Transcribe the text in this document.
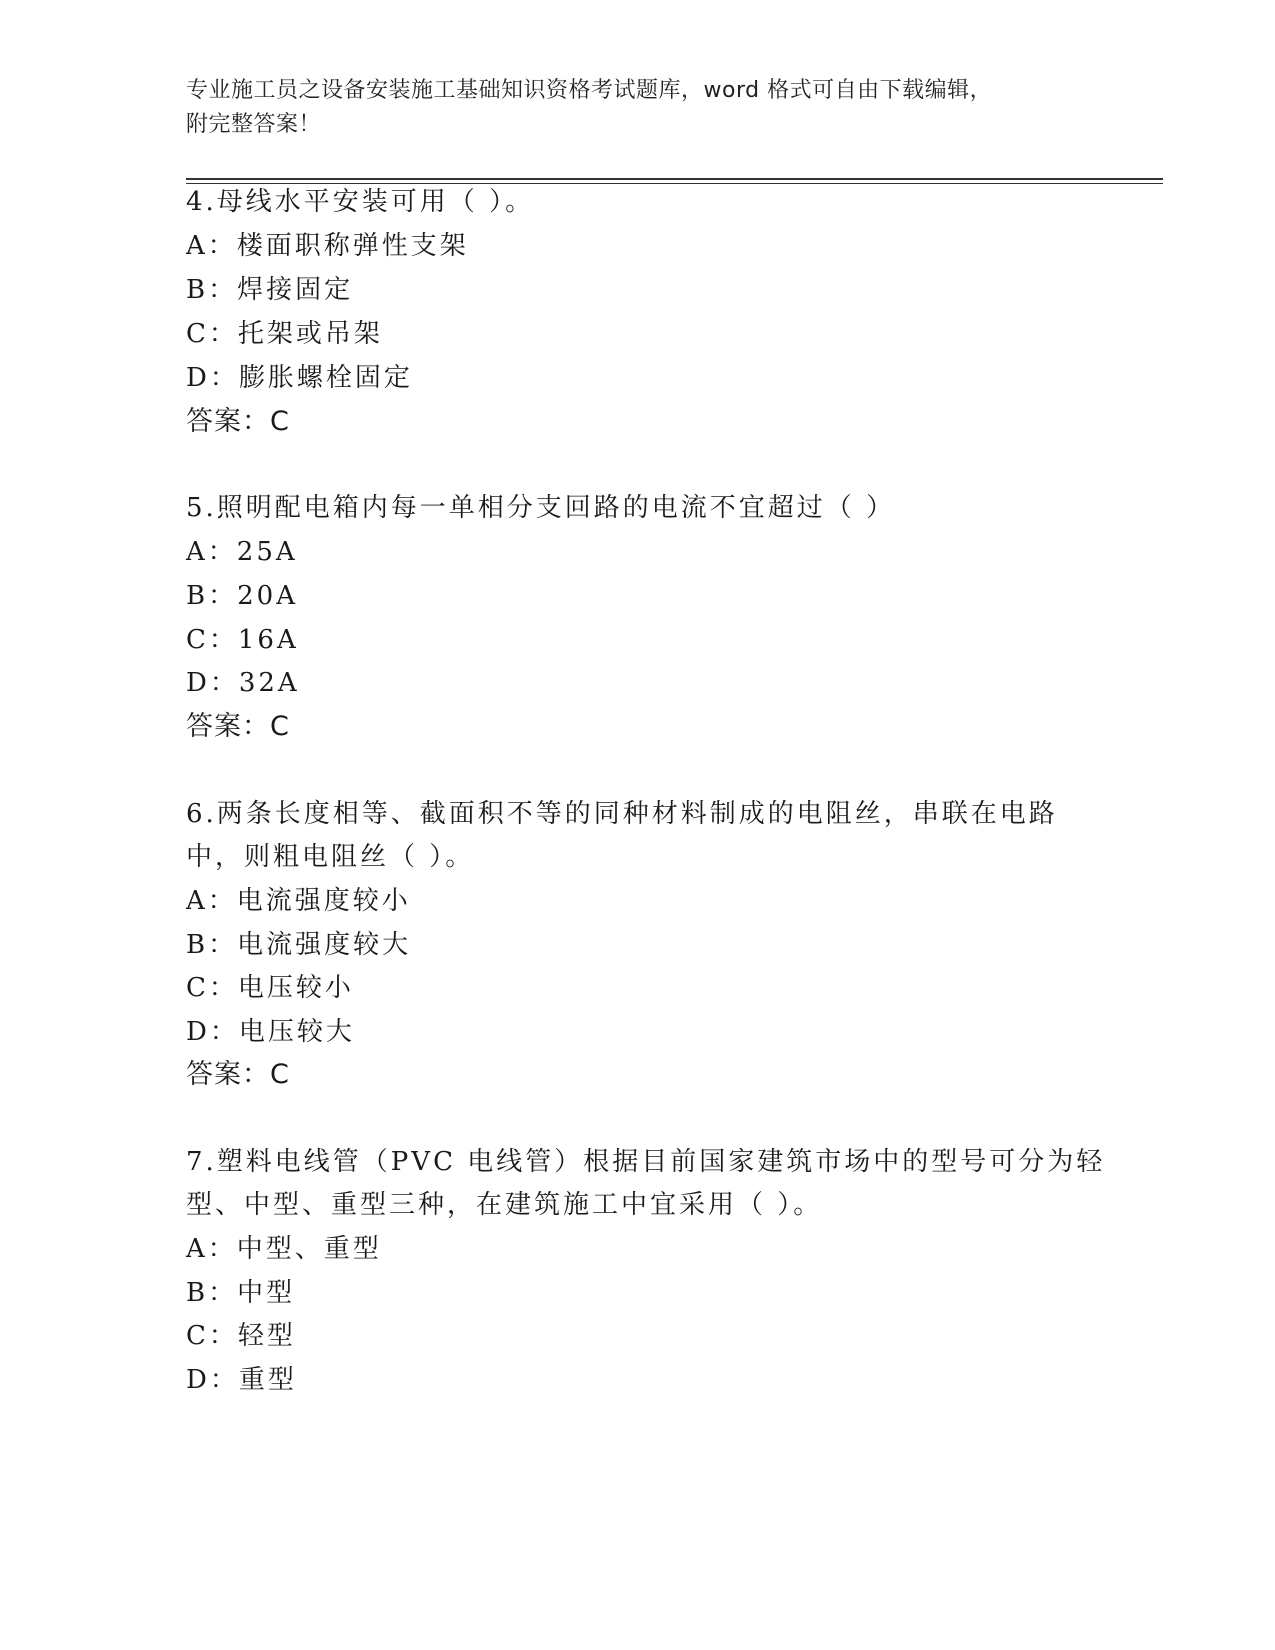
专业施工员之设备安装施工基础知识资格考试题库，word 格式可自由下载编辑，
附完整答案！
4.母线水平安装可用（ ）。
A：楼面职称弹性支架
B：焊接固定
C：托架或吊架
D：膨胀螺栓固定
答案：C
5.照明配电箱内每一单相分支回路的电流不宜超过（ ）
A：25A
B：20A
C：16A
D：32A
答案：C
6.两条长度相等、截面积不等的同种材料制成的电阻丝，串联在电路
中，则粗电阻丝（ ）。
A：电流强度较小
B：电流强度较大
C：电压较小
D：电压较大
答案：C
7.塑料电线管（PVC 电线管）根据目前国家建筑市场中的型号可分为轻
型、中型、重型三种，在建筑施工中宜采用（ ）。
A：中型、重型
B：中型
C：轻型
D：重型
